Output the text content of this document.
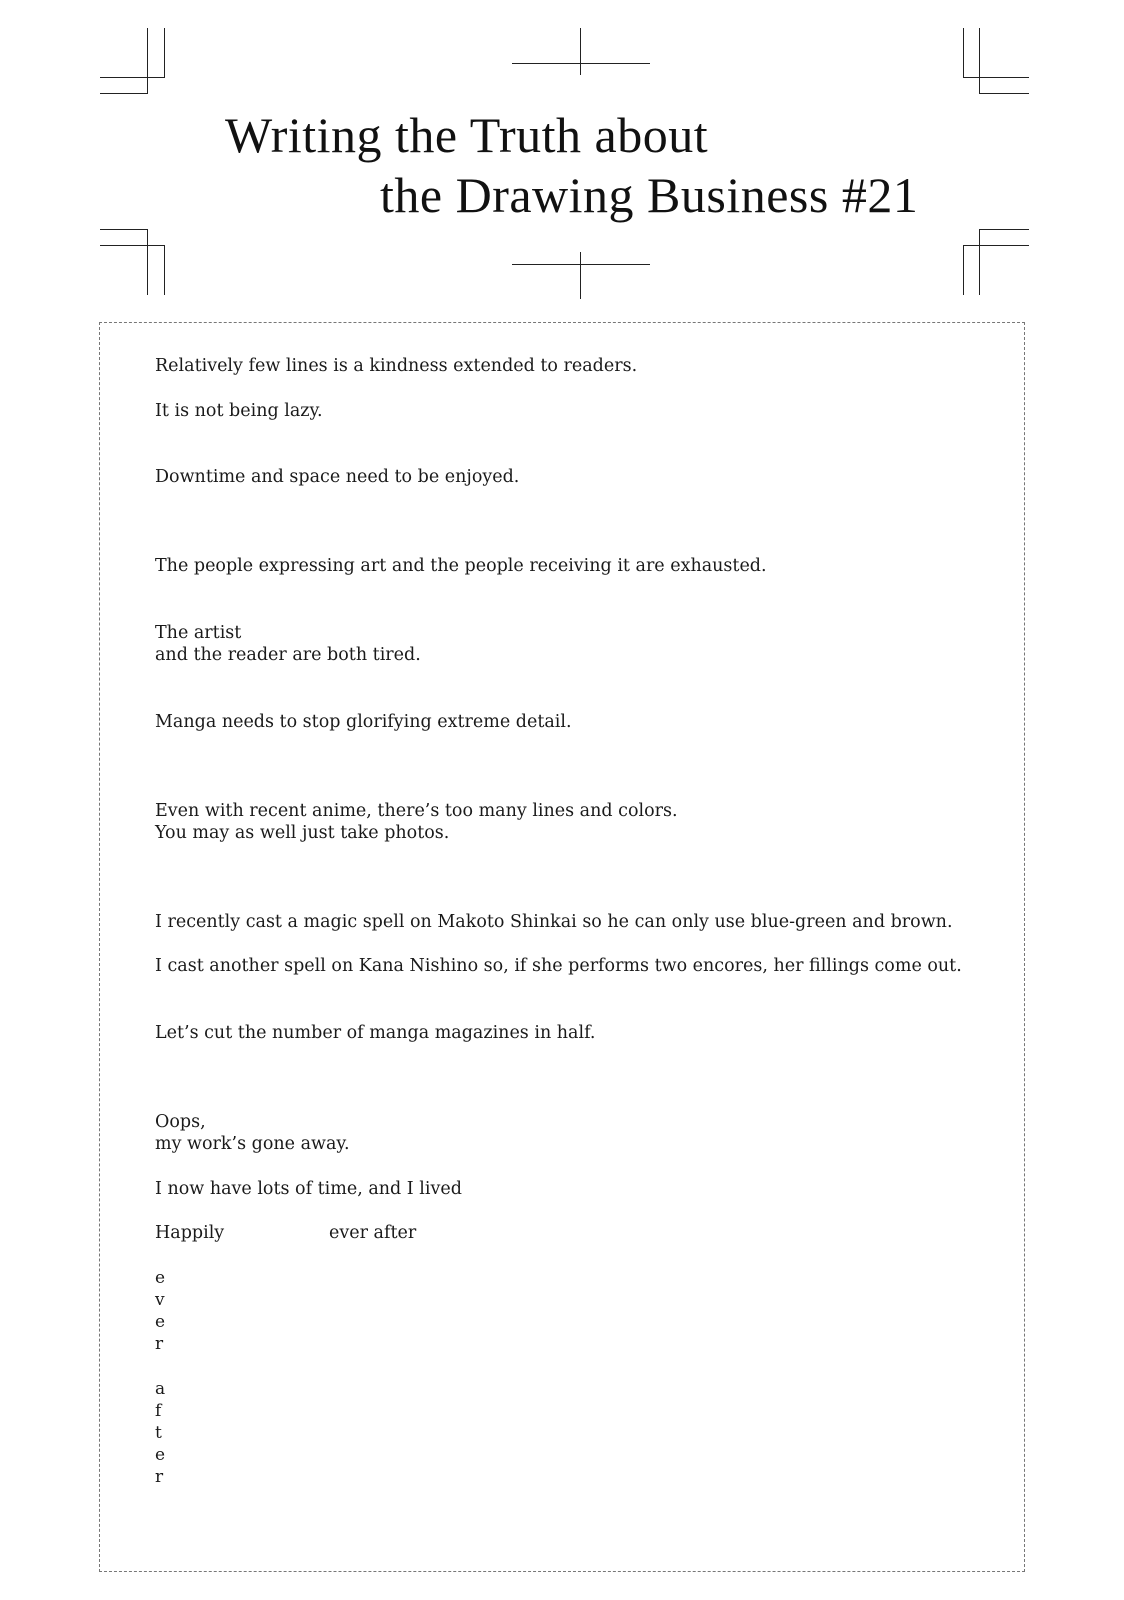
Writing the Truth about
the Drawing Business #21
Relatively few lines is a kindness extended to readers.
It is not being lazy.
Downtime and space need to be enjoyed.
The people expressing art and the people receiving it are exhausted.
The artist
and the reader are both tired.
Manga needs to stop glorifying extreme detail.
Even with recent anime, there’s too many lines and colors.
You may as well just take photos.
I recently cast a magic spell on Makoto Shinkai so he can only use blue-green and brown.
I cast another spell on Kana Nishino so, if she performs two encores, her fillings come out.
Let’s cut the number of manga magazines in half.
Oops,
my work’s gone away.
I now have lots of time, and I lived
Happily	ever after
e
v
e
r
a
f
t
e
r
